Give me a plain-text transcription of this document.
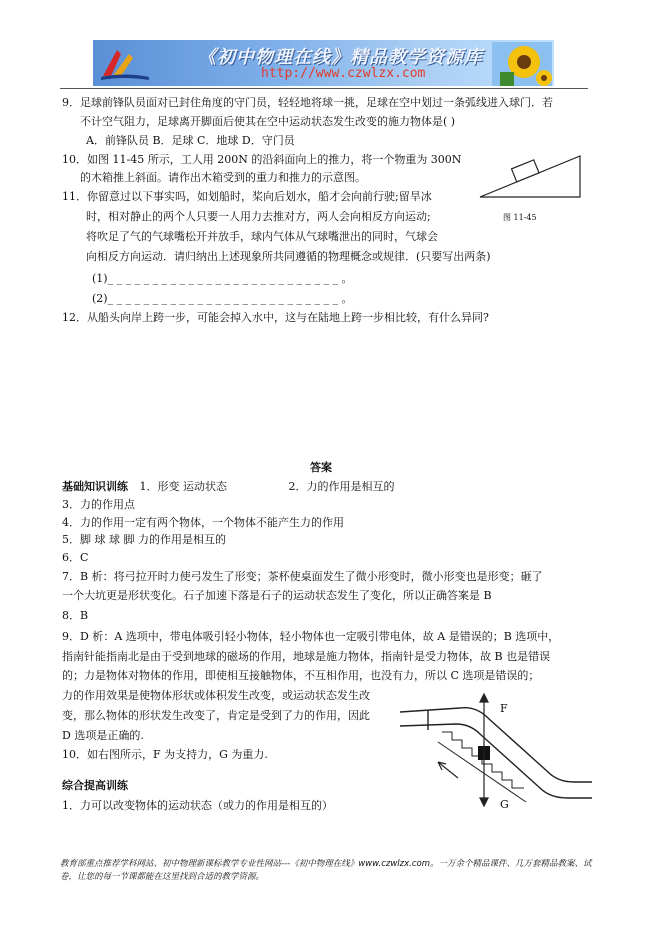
《初中物理在线》精品教学资源库
http://www.czwlzx.com
9．足球前锋队员面对已封住角度的守门员，轻轻地将球一挑，足球在空中划过一条弧线进入球门．若
不计空气阻力，足球离开脚面后使其在空中运动状态发生改变的施力物体是( )
A．前锋队员 B．足球 C．地球 D．守门员
10．如图 11-45 所示，工人用 200N 的沿斜面向上的推力，将一个物重为 300N
的木箱推上斜面。请作出木箱受到的重力和推力的示意图。
图 11-45
11．你留意过以下事实吗，如划船时，桨向后划水，船才会向前行驶;留旱冰
时，相对静止的两个人只要一人用力去推对方，两人会向相反方向运动;
将吹足了气的气球嘴松开并放手，球内气体从气球嘴泄出的同时，气球会
向相反方向运动．请归纳出上述现象所共同遵循的物理概念或规律．(只要写出两条)
(1)_ _ _ _ _ _ _ _ _ _ _ _ _ _ _ _ _ _ _ _ _ _ _ _ _ _ 。
(2)_ _ _ _ _ _ _ _ _ _ _ _ _ _ _ _ _ _ _ _ _ _ _ _ _ _ 。
12．从船头向岸上跨一步，可能会掉入水中，这与在陆地上跨一步相比较，有什么异同?
答案
基础知识训练 1．形变 运动状态	2．力的作用是相互的
3．力的作用点
4．力的作用一定有两个物体，一个物体不能产生力的作用
5．脚 球 球 脚 力的作用是相互的
6．C
7．B 析：将弓拉开时力使弓发生了形变；茶杯使桌面发生了微小形变时，微小形变也是形变；砸了
一个大坑更是形状变化。石子加速下落是石子的运动状态发生了变化，所以正确答案是 B
8．B
9．D 析：A 选项中，带电体吸引轻小物体，轻小物体也一定吸引带电体，故 A 是错误的；B 选项中，
指南针能指南北是由于受到地球的磁场的作用，地球是施力物体，指南针是受力物体，故 B 也是错误
的；力是物体对物体的作用，即使相互接触物体，不互相作用，也没有力，所以 C 选项是错误的；
力的作用效果是使物体形状或体积发生改变，或运动状态发生改
变，那么物体的形状发生改变了，肯定是受到了力的作用，因此
D 选项是正确的.
10．如右图所示，F 为支持力，G 为重力.
综合提高训练
1．力可以改变物体的运动状态（或力的作用是相互的）
F
G
教育部重点推荐学科网站、初中物理新课标教学专业性网站---《初中物理在线》www.czwlzx.com。一万余个精品课件、几万套精品教案、试卷，让您的每一节课都能在这里找到合适的教学资源。
